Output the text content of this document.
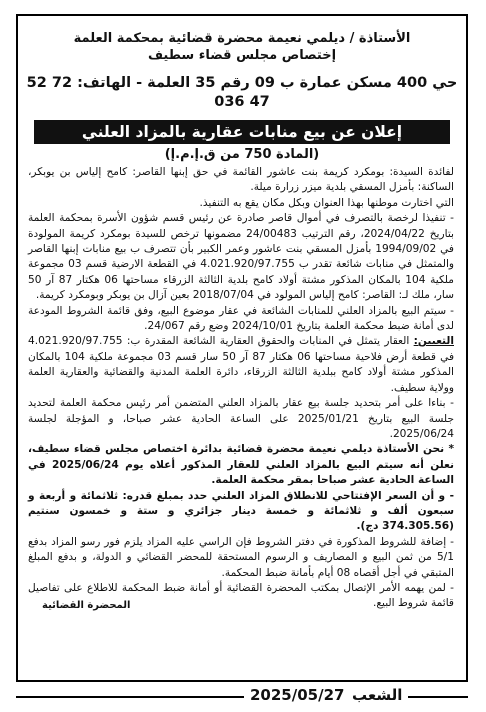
الأستاذة / ديلمي نعيمة محضرة قضائية بمحكمة العلمة
إختصاص مجلس قضاء سطيف
حي 400 مسكن عمارة ب 09 رقم 35 العلمة - الهاتف: 72 52 47 036
إعلان عن بيع منابات عقارية بالمزاد العلني
(المادة 750 من ق.إ.م.إ)

لفائدة السيدة: بومكرد كريمة بنت عاشور القائمة في حق إبنها القاصر: كامح إلياس بن يوبكر، الساكنة: بأمزل المسقي بلدية ميزر زرارة ميلة.

التي اختارت موطنها بهذا العنوان وبكل مكان يقع به التنفيذ.

- تنفيذا لرخصة بالتصرف في أموال قاصر صادرة عن رئيس قسم شؤون الأسرة بمحكمة العلمة بتاريخ 2024/04/22، رقم الترتيب 24/00483 مضمونها ترخص للسيدة بومكرد كريمة المولودة في 1994/09/02 بأمزل المسقي بنت عاشور وعمر الكبير بأن تتصرف ب بيع منابات إبنها القاصر والمتمثل في منابات شائعة تقدر ب 4.021.920/97.755 في القطعة الارضية قسم 03 مجموعة ملكية 104 بالمكان المذكور مشتة أولاد كامح بلدية الثالثة الزرقاء مساحتها 06 هكتار 87 آر 50 سار، ملك لـ: القاصر: كامح إلياس المولود في 2018/07/04 بعين آزال بن يوبكر وبومكرد كريمة.

- سيتم البيع بالمزاد العلني للمنابات الشائعة في عقار موضوع البيع، وفق قائمة الشروط المودعة لدى أمانة ضبط محكمة العلمة بتاريخ 2024/10/01 وضع رقم 24/067.

التعيين: العقار يتمثل في المنابات والحقوق العقارية الشائعة المقدرة ب: 4.021.920/97.755 في قطعة أرض فلاحية مساحتها 06 هكتار 87 آر 50 سار قسم 03 مجموعة ملكية 104 بالمكان المذكور مشتة أولاد كامح ببلدية الثالثة الزرقاء، دائرة العلمة المدنية والقضائية والعقارية العلمة وولاية سطيف.

- بناءا على أمر بتحديد جلسة بيع عقار بالمزاد العلني المتضمن أمر رئيس محكمة العلمة لتحديد جلسة البيع بتاريخ 2025/01/21 على الساعة الحادية عشر صباحا، و المؤجلة لجلسة 2025/06/24.

* نحن الأستاذة ديلمي نعيمة محضرة قضائية بدائرة اختصاص مجلس قضاء سطيف، نعلن أنه سيتم البيع بالمزاد العلني للعقار المذكور أعلاه يوم 2025/06/24 في الساعة الحادية عشر صباحا بمقر محكمة العلمة.

- و أن السعر الإفتتاحي للانطلاق المزاد العلني حدد بمبلغ قدره: ثلاثمائة و أربعة و سبعون ألف و ثلاثمائة و خمسة دينار جزائري و ستة و خمسون سنتيم (374.305.56 دج).

- إضافة للشروط المذكورة في دفتر الشروط فإن الراسي عليه المزاد يلزم فور رسو المزاد بدفع 5/1 من ثمن البيع و المصاريف و الرسوم المستحقة للمحضر القضائي و الدولة، و بدفع المبلغ المتبقي في أجل أقصاه 08 أيام بأمانة ضبط المحكمة.

- لمن يهمه الأمر الإتصال بمكتب المحضرة القضائية أو أمانة ضبط المحكمة للاطلاع على تفاصيل قائمة شروط البيع.

المحضرة القضائية
2025/05/27 الشعب
